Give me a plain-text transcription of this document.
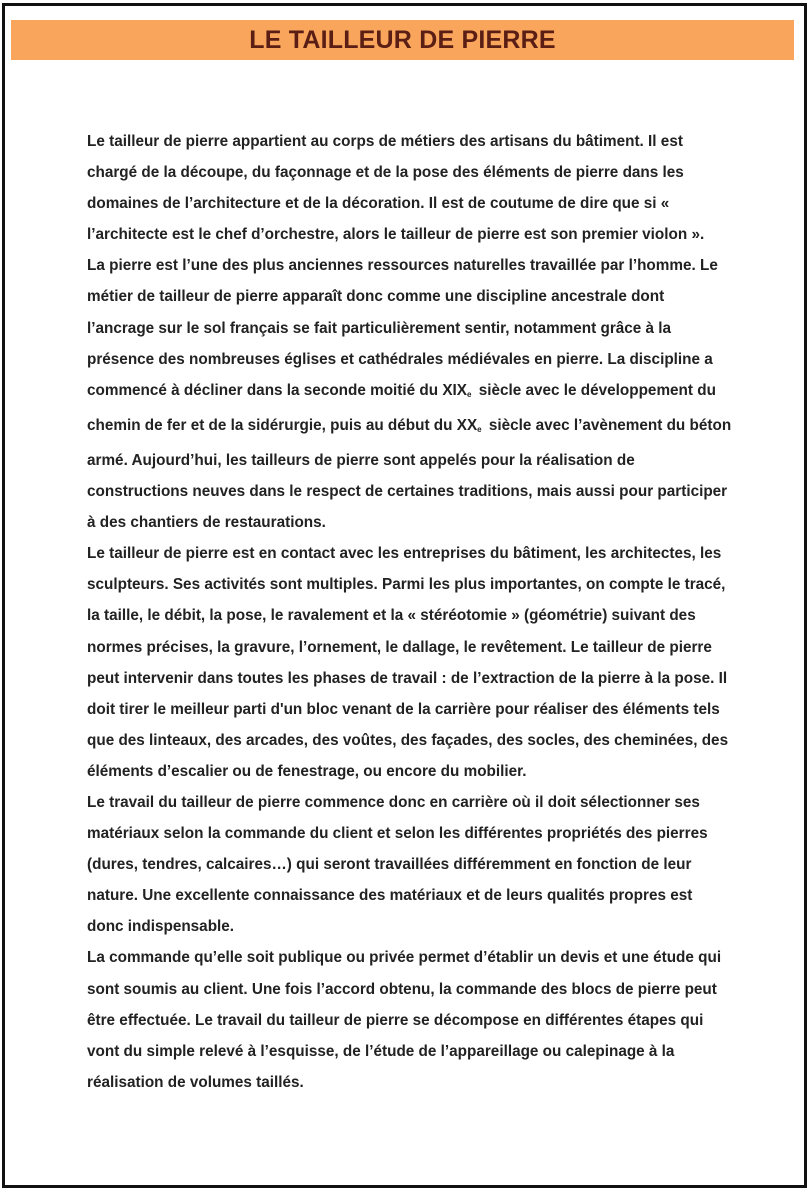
LE TAILLEUR DE PIERRE

Le tailleur de pierre appartient au corps de métiers des artisans du bâtiment. Il est chargé de la découpe, du façonnage et de la pose des éléments de pierre dans les domaines de l’architecture et de la décoration. Il est de coutume de dire que si « l’architecte est le chef d’orchestre, alors le tailleur de pierre est son premier violon ».

La pierre est l’une des plus anciennes ressources naturelles travaillée par l’homme. Le métier de tailleur de pierre apparaît donc comme une discipline ancestrale dont l’ancrage sur le sol français se fait particulièrement sentir, notamment grâce à la présence des nombreuses églises et cathédrales médiévales en pierre. La discipline a commencé à décliner dans la seconde moitié du $XIX_e$ siècle avec le développement du chemin de fer et de la sidérurgie, puis au début du $XX_e$ siècle avec l’avènement du béton armé. Aujourd’hui, les tailleurs de pierre sont appelés pour la réalisation de constructions neuves dans le respect de certaines traditions, mais aussi pour participer à des chantiers de restaurations.

Le tailleur de pierre est en contact avec les entreprises du bâtiment, les architectes, les sculpteurs. Ses activités sont multiples. Parmi les plus importantes, on compte le tracé, la taille, le débit, la pose, le ravalement et la « stéréotomie » (géométrie) suivant des normes précises, la gravure, l’ornement, le dallage, le revêtement. Le tailleur de pierre peut intervenir dans toutes les phases de travail : de l’extraction de la pierre à la pose. Il doit tirer le meilleur parti d'un bloc venant de la carrière pour réaliser des éléments tels que des linteaux, des arcades, des voûtes, des façades, des socles, des cheminées, des éléments d’escalier ou de fenestrage, ou encore du mobilier.

Le travail du tailleur de pierre commence donc en carrière où il doit sélectionner ses matériaux selon la commande du client et selon les différentes propriétés des pierres (dures, tendres, calcaires…) qui seront travaillées différemment en fonction de leur nature. Une excellente connaissance des matériaux et de leurs qualités propres est donc indispensable.

La commande qu’elle soit publique ou privée permet d’établir un devis et une étude qui sont soumis au client. Une fois l’accord obtenu, la commande des blocs de pierre peut être effectuée. Le travail du tailleur de pierre se décompose en différentes étapes qui vont du simple relevé à l’esquisse, de l’étude de l’appareillage ou calepinage à la réalisation de volumes taillés.
